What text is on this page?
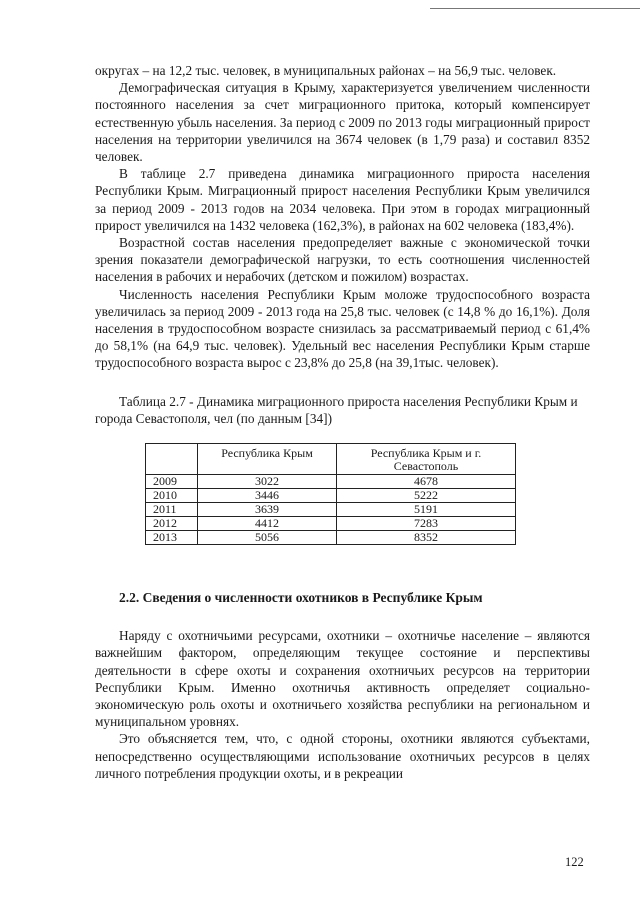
округах – на 12,2 тыс. человек, в муниципальных районах – на 56,9 тыс. человек.

Демографическая ситуация в Крыму, характеризуется увеличением численности постоянного населения за счет миграционного притока, который компенсирует естественную убыль населения. За период с 2009 по 2013 годы миграционный прирост населения на территории увеличился на 3674 человек (в 1,79 раза) и составил 8352 человек.

В таблице 2.7 приведена динамика миграционного прироста населения Республики Крым. Миграционный прирост населения Республики Крым увеличился за период 2009 - 2013 годов на 2034 человека. При этом в городах миграционный прирост увеличился на 1432 человека (162,3%), в районах на 602 человека (183,4%).

Возрастной состав населения предопределяет важные с экономической точки зрения показатели демографической нагрузки, то есть соотношения численностей населения в рабочих и нерабочих (детском и пожилом) возрастах.

Численность населения Республики Крым моложе трудоспособного возраста увеличилась за период 2009 - 2013 года на 25,8 тыс. человек (с 14,8 % до 16,1%). Доля населения в трудоспособном возрасте снизилась за рассматриваемый период с 61,4% до 58,1% (на 64,9 тыс. человек). Удельный вес населения Республики Крым старше трудоспособного возраста вырос с 23,8% до 25,8 (на 39,1тыс. человек).

Таблица 2.7 - Динамика миграционного прироста населения Республики Крым и города Севастополя, чел (по данным [34])

	Республика Крым	Республика Крым и г. Севастополь
2009	3022	4678
2010	3446	5222
2011	3639	5191
2012	4412	7283
2013	5056	8352

2.2. Сведения о численности охотников в Республике Крым

Наряду с охотничьими ресурсами, охотники – охотничье население – являются важнейшим фактором, определяющим текущее состояние и перспективы деятельности в сфере охоты и сохранения охотничьих ресурсов на территории Республики Крым. Именно охотничья активность определяет социально-экономическую роль охоты и охотничьего хозяйства республики на региональном и муниципальном уровнях.

Это объясняется тем, что, с одной стороны, охотники являются субъектами, непосредственно осуществляющими использование охотничьих ресурсов в целях личного потребления продукции охоты, и в рекреации

122
